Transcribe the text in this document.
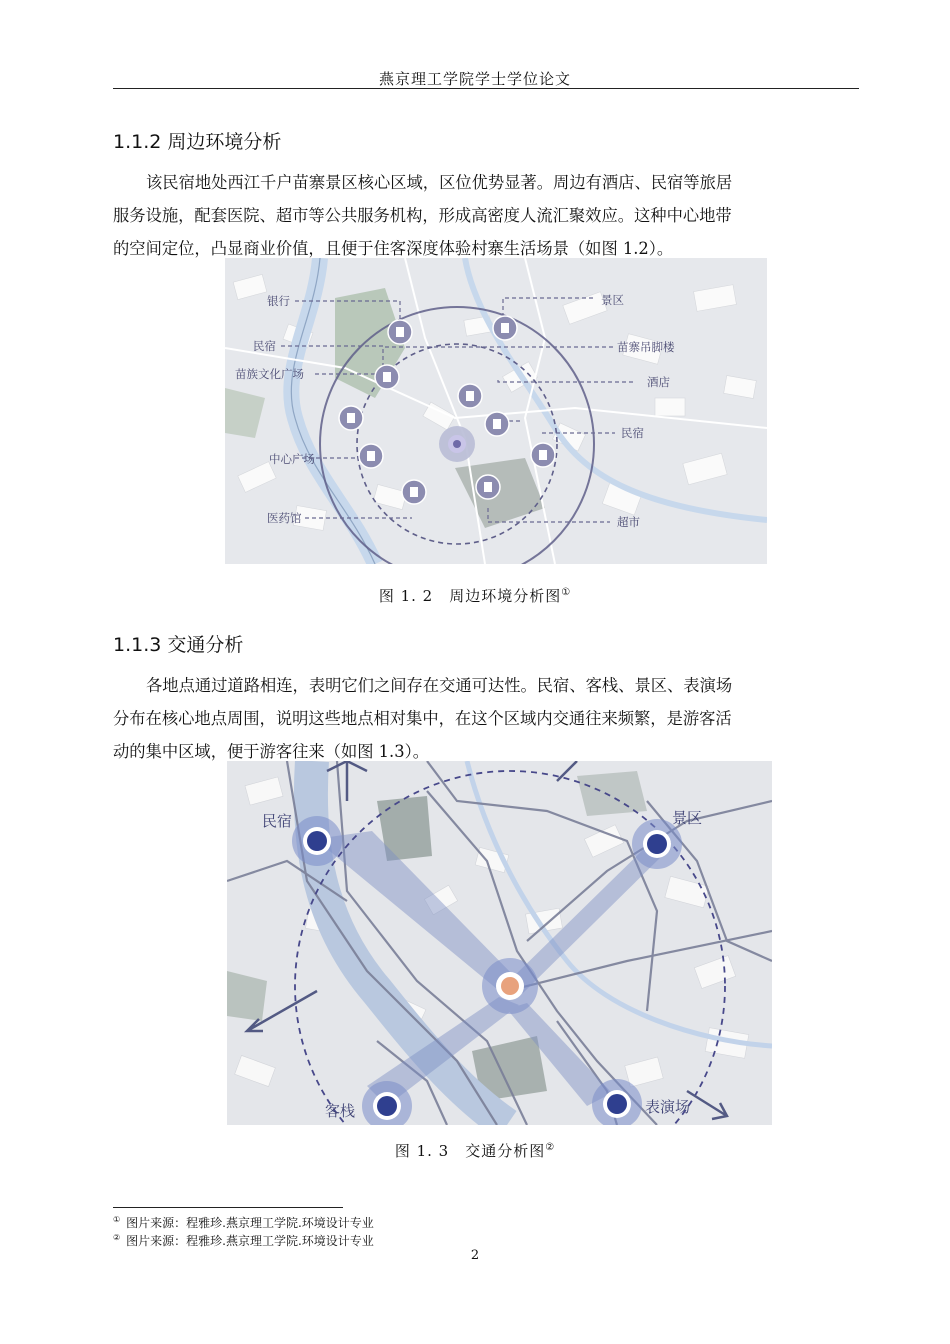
燕京理工学院学士学位论文
1.1.2 周边环境分析
该民宿地处西江千户苗寨景区核心区域，区位优势显著。周边有酒店、民宿等旅居
服务设施，配套医院、超市等公共服务机构，形成高密度人流汇聚效应。这种中心地带
的空间定位，凸显商业价值，且便于住客深度体验村寨生活场景（如图 1.2）。
银行
民宿
苗族文化广场
中心广场
医药馆
景区
苗寨吊脚楼
酒店
民宿
超市
图 1. 2　周边环境分析图①
1.1.3 交通分析
各地点通过道路相连，表明它们之间存在交通可达性。民宿、客栈、景区、表演场
分布在核心地点周围，说明这些地点相对集中，在这个区域内交通往来频繁，是游客活
动的集中区域，便于游客往来（如图 1.3）。
民宿	景区
客栈	表演场
图 1. 3　交通分析图②
① 图片来源：程雅珍.燕京理工学院.环境设计专业
② 图片来源：程雅珍.燕京理工学院.环境设计专业
2
